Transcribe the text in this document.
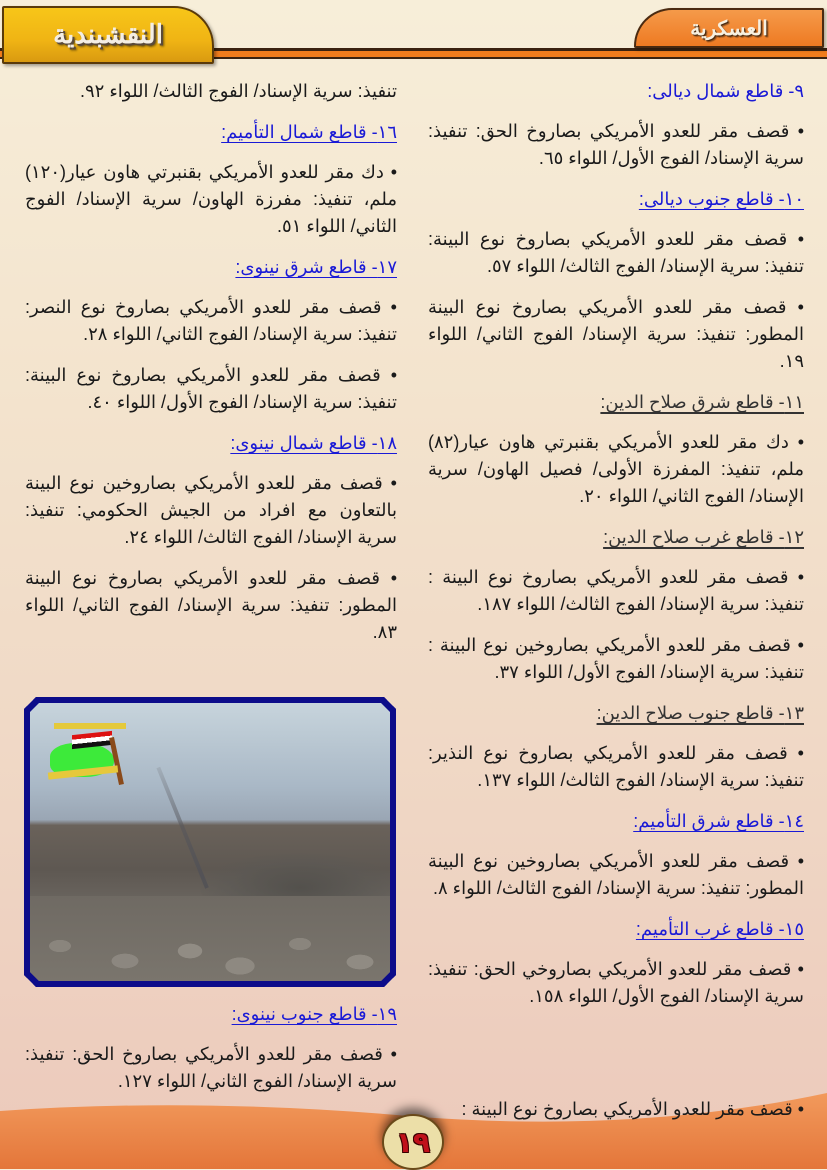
النقشبندية	العسكرية

٩- قاطع شمال ديالى:

• قصف مقر للعدو الأمريكي بصاروخ الحق: تنفيذ: سرية الإسناد/ الفوج الأول/ اللواء ٦٥.

١٠- قاطع جنوب ديالى:

• قصف مقر للعدو الأمريكي بصاروخ نوع البينة: تنفيذ: سرية الإسناد/ الفوج الثالث/ اللواء ٥٧.

• قصف مقر للعدو الأمريكي بصاروخ نوع البينة المطور: تنفيذ: سرية الإسناد/ الفوج الثاني/ اللواء ١٩.

١١- قاطع شرق صلاح الدين:

• دك مقر للعدو الأمريكي بقنبرتي هاون عيار(٨٢) ملم، تنفيذ: المفرزة الأولى/ فصيل الهاون/ سرية الإسناد/ الفوج الثاني/ اللواء ٢٠.

١٢- قاطع غرب صلاح الدين:

• قصف مقر للعدو الأمريكي بصاروخ نوع البينة : تنفيذ: سرية الإسناد/ الفوج الثالث/ اللواء ١٨٧.

• قصف مقر للعدو الأمريكي بصاروخين نوع البينة : تنفيذ: سرية الإسناد/ الفوج الأول/ اللواء ٣٧.

١٣- قاطع جنوب صلاح الدين:

• قصف مقر للعدو الأمريكي بصاروخ نوع النذير: تنفيذ: سرية الإسناد/ الفوج الثالث/ اللواء ١٣٧.

١٤- قاطع شرق التأميم:

• قصف مقر للعدو الأمريكي بصاروخين نوع البينة المطور: تنفيذ: سرية الإسناد/ الفوج الثالث/ اللواء ٨.

١٥- قاطع غرب التأميم:

• قصف مقر للعدو الأمريكي بصاروخي الحق: تنفيذ: سرية الإسناد/ الفوج الأول/ اللواء ١٥٨.

تنفيذ: سرية الإسناد/ الفوج الثالث/ اللواء ٩٢.

١٦- قاطع شمال التأميم:

• دك مقر للعدو الأمريكي بقنبرتي هاون عيار(١٢٠) ملم، تنفيذ: مفرزة الهاون/ سرية الإسناد/ الفوج الثاني/ اللواء ٥١.

١٧- قاطع شرق نينوى:

• قصف مقر للعدو الأمريكي بصاروخ نوع النصر: تنفيذ: سرية الإسناد/ الفوج الثاني/ اللواء ٢٨.

• قصف مقر للعدو الأمريكي بصاروخ نوع البينة: تنفيذ: سرية الإسناد/ الفوج الأول/ اللواء ٤٠.

١٨- قاطع شمال نينوى:

• قصف مقر للعدو الأمريكي بصاروخين نوع البينة بالتعاون مع افراد من الجيش الحكومي: تنفيذ: سرية الإسناد/ الفوج الثالث/ اللواء ٢٤.

• قصف مقر للعدو الأمريكي بصاروخ نوع البينة المطور: تنفيذ: سرية الإسناد/ الفوج الثاني/ اللواء ٨٣.

١٩- قاطع جنوب نينوى:

• قصف مقر للعدو الأمريكي بصاروخ الحق: تنفيذ: سرية الإسناد/ الفوج الثاني/ اللواء ١٢٧.

• قصف مقر للعدو الأمريكي بصاروخ نوع البينة :
١٩
